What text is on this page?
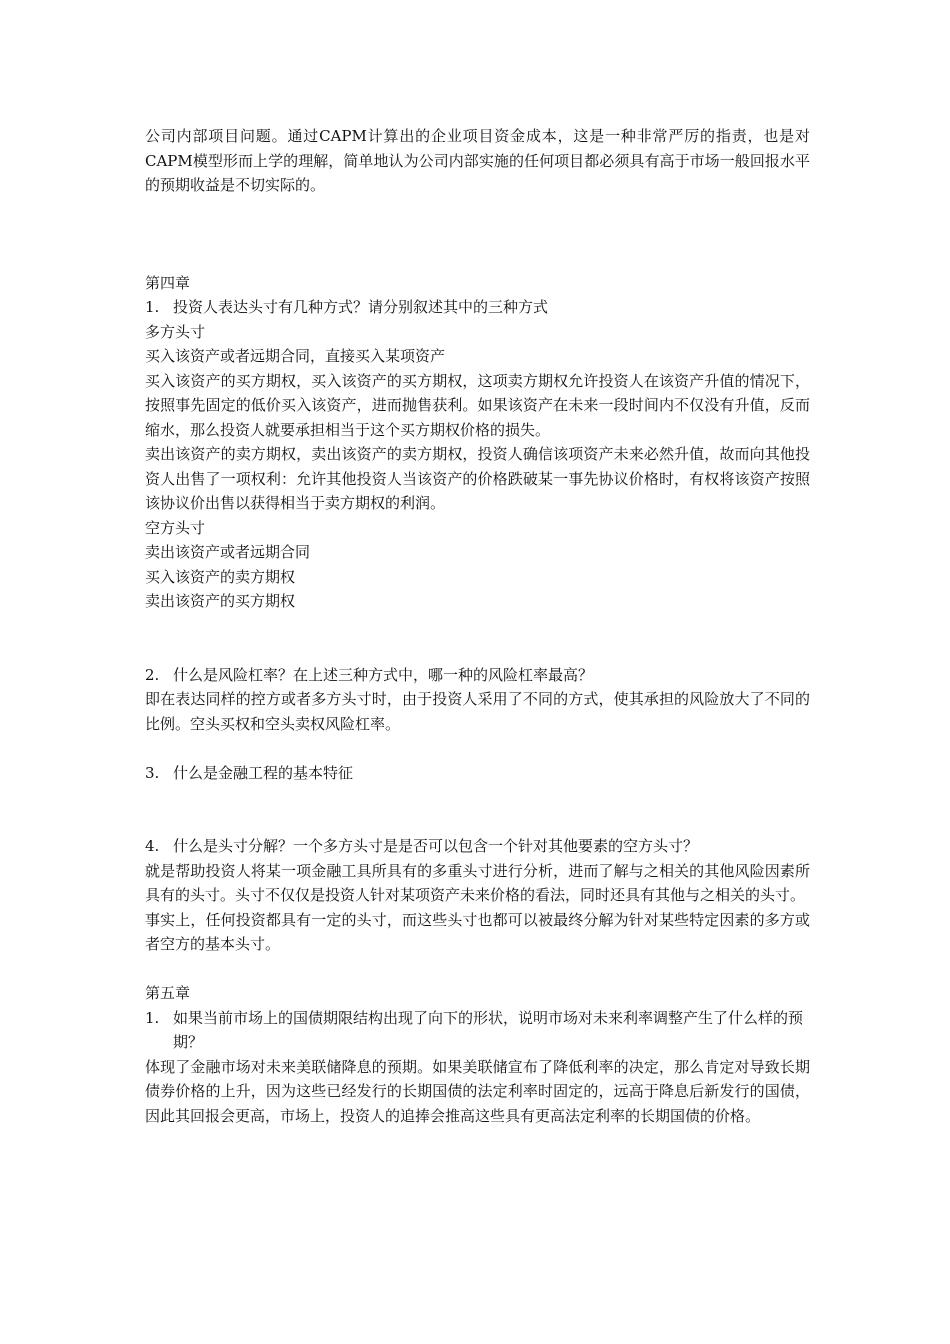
公司内部项目问题。通过CAPM计算出的企业项目资金成本，这是一种非常严厉的指责，也是对CAPM模型形而上学的理解，简单地认为公司内部实施的任何项目都必须具有高于市场一般回报水平的预期收益是不切实际的。

第四章

1. 投资人表达头寸有几种方式？请分别叙述其中的三种方式

多方头寸

买入该资产或者远期合同，直接买入某项资产

买入该资产的买方期权，买入该资产的买方期权，这项卖方期权允许投资人在该资产升值的情况下，按照事先固定的低价买入该资产，进而抛售获利。如果该资产在未来一段时间内不仅没有升值，反而缩水，那么投资人就要承担相当于这个买方期权价格的损失。

卖出该资产的卖方期权，卖出该资产的卖方期权，投资人确信该项资产未来必然升值，故而向其他投资人出售了一项权利：允许其他投资人当该资产的价格跌破某一事先协议价格时，有权将该资产按照该协议价出售以获得相当于卖方期权的利润。

空方头寸

卖出该资产或者远期合同

买入该资产的卖方期权

卖出该资产的买方期权

2. 什么是风险杠率？在上述三种方式中，哪一种的风险杠率最高？

即在表达同样的控方或者多方头寸时，由于投资人采用了不同的方式，使其承担的风险放大了不同的比例。空头买权和空头卖权风险杠率。

3. 什么是金融工程的基本特征
4. 什么是头寸分解？一个多方头寸是是否可以包含一个针对其他要素的空方头寸？

就是帮助投资人将某一项金融工具所具有的多重头寸进行分析，进而了解与之相关的其他风险因素所具有的头寸。头寸不仅仅是投资人针对某项资产未来价格的看法，同时还具有其他与之相关的头寸。

事实上，任何投资都具有一定的头寸，而这些头寸也都可以被最终分解为针对某些特定因素的多方或者空方的基本头寸。

第五章

1. 如果当前市场上的国债期限结构出现了向下的形状，说明市场对未来利率调整产生了什么样的预期？

体现了金融市场对未来美联储降息的预期。如果美联储宣布了降低利率的决定，那么肯定对导致长期债券价格的上升，因为这些已经发行的长期国债的法定利率时固定的，远高于降息后新发行的国债，因此其回报会更高，市场上，投资人的追捧会推高这些具有更高法定利率的长期国债的价格。
